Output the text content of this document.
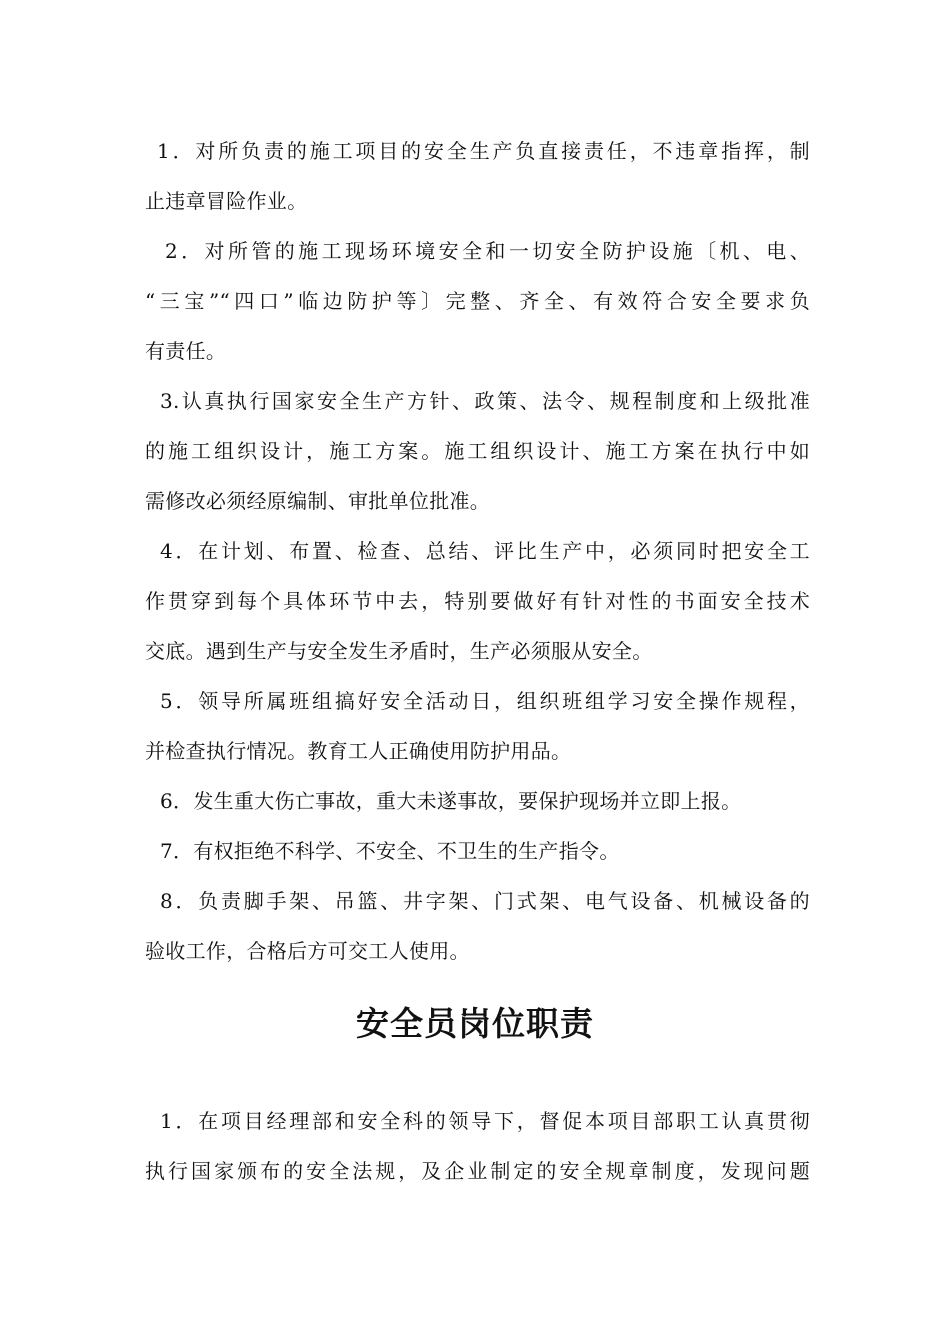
1．对所负责的施工项目的安全生产负直接责任，不违章指挥，制
止违章冒险作业。
2．对所管的施工现场环境安全和一切安全防护设施〔机、电、
“三宝”“四口”临边防护等〕完整、齐全、有效符合安全要求负
有责任。
3.认真执行国家安全生产方针、政策、法令、规程制度和上级批准
的施工组织设计，施工方案。施工组织设计、施工方案在执行中如
需修改必须经原编制、审批单位批准。
4．在计划、布置、检查、总结、评比生产中，必须同时把安全工
作贯穿到每个具体环节中去，特别要做好有针对性的书面安全技术
交底。遇到生产与安全发生矛盾时，生产必须服从安全。
5．领导所属班组搞好安全活动日，组织班组学习安全操作规程，
并检查执行情况。教育工人正确使用防护用品。
6．发生重大伤亡事故，重大未遂事故，要保护现场并立即上报。
7．有权拒绝不科学、不安全、不卫生的生产指令。
8．负责脚手架、吊篮、井字架、门式架、电气设备、机械设备的
验收工作，合格后方可交工人使用。
安全员岗位职责
1．在项目经理部和安全科的领导下，督促本项目部职工认真贯彻
执行国家颁布的安全法规，及企业制定的安全规章制度，发现问题
